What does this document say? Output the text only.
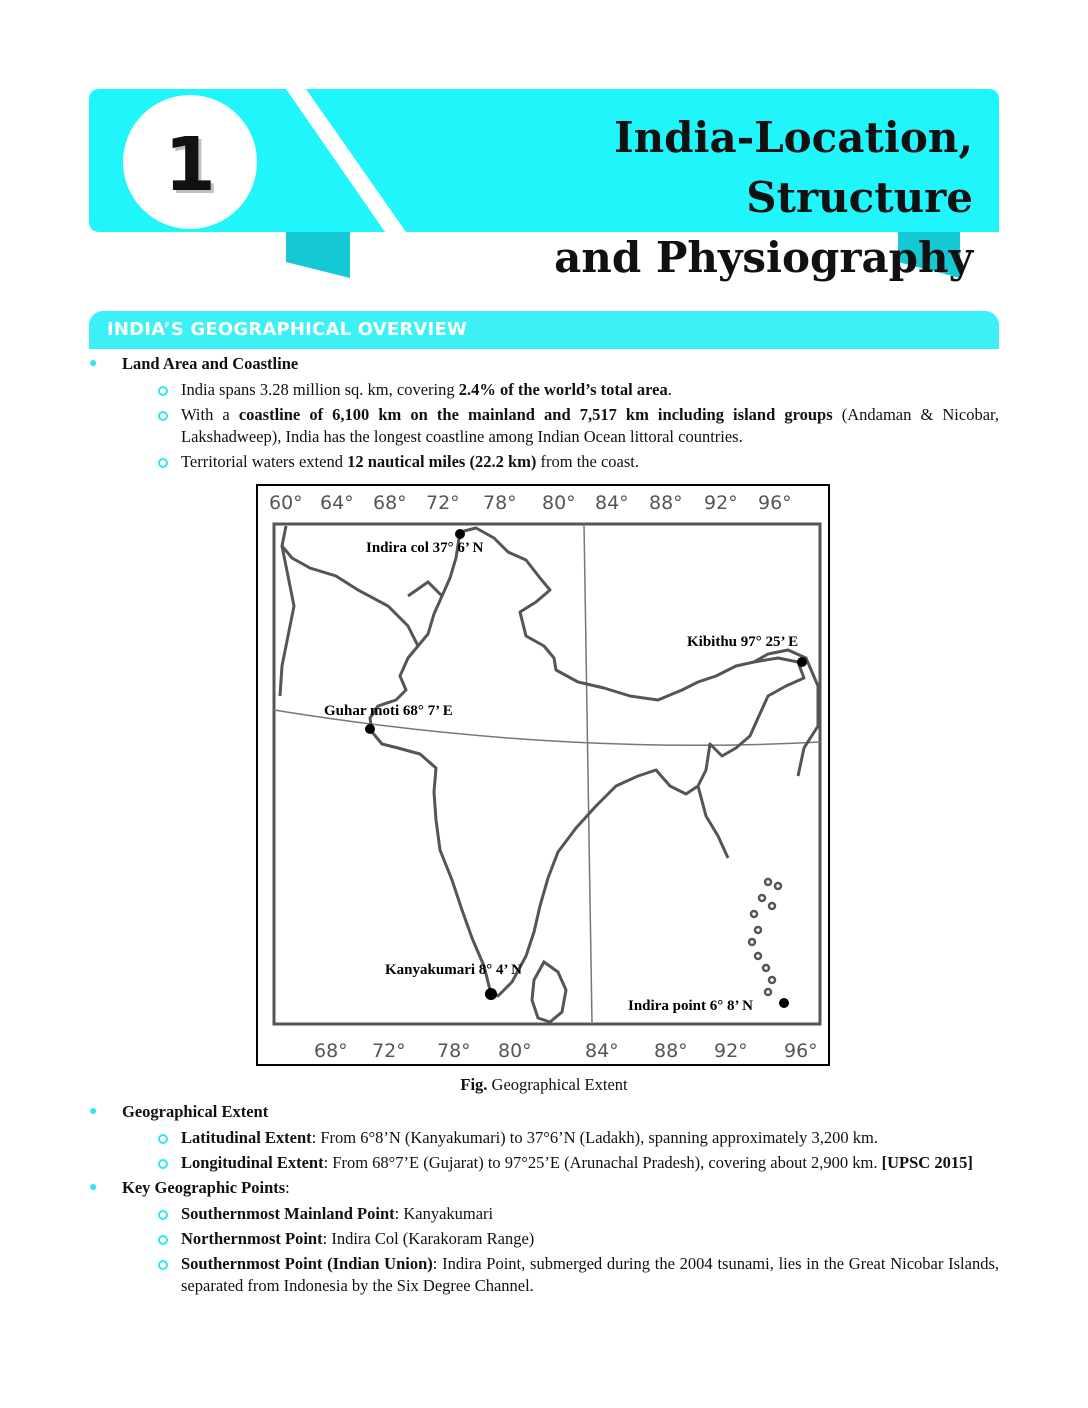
1	India-Location, Structure
and Physiography
INDIA’S GEOGRAPHICAL OVERVIEW
● Land Area and Coastline
India spans 3.28 million sq. km, covering 2.4% of the world’s total area.
With a coastline of 6,100 km on the mainland and 7,517 km including island groups (Andaman & Nicobar, Lakshadweep), India has the longest coastline among Indian Ocean littoral countries.
Territorial waters extend 12 nautical miles (22.2 km) from the coast.
60° 64° 68° 72° 78° 80° 84° 88° 92° 96°
68° 72° 78° 80°	84° 88° 92° 96°
Indira col 37° 6’ N
Kibithu 97° 25’ E
Guhar moti 68° 7’ E
Kanyakumari 8° 4’ N
Indira point 6° 8’ N
Fig. Geographical Extent
● Geographical Extent
Latitudinal Extent: From 6°8’N (Kanyakumari) to 37°6’N (Ladakh), spanning approximately 3,200 km.
Longitudinal Extent: From 68°7’E (Gujarat) to 97°25’E (Arunachal Pradesh), covering about 2,900 km. [UPSC 2015]
● Key Geographic Points:
Southernmost Mainland Point: Kanyakumari
Northernmost Point: Indira Col (Karakoram Range)
Southernmost Point (Indian Union): Indira Point, submerged during the 2004 tsunami, lies in the Great Nicobar Islands, separated from Indonesia by the Six Degree Channel.
